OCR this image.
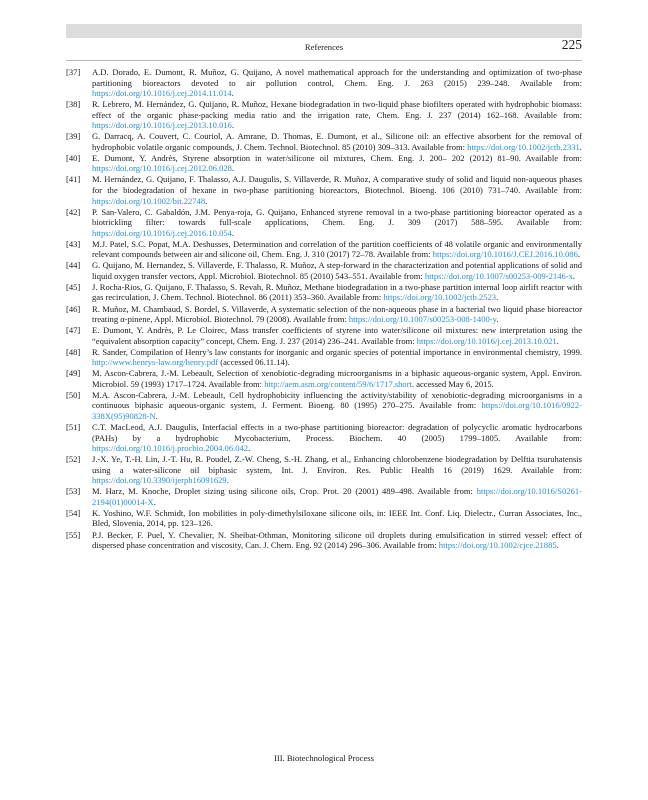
References	225
[37] A.D. Dorado, E. Dumont, R. Muñoz, G. Quijano, A novel mathematical approach for the understanding and optimization of two-phase partitioning bioreactors devoted to air pollution control, Chem. Eng. J. 263 (2015) 239–248. Available from: https://doi.org/10.1016/j.cej.2014.11.014.
[38] R. Lebrero, M. Hernández, G. Quijano, R. Muñoz, Hexane biodegradation in two-liquid phase biofilters operated with hydrophobic biomass: effect of the organic phase-packing media ratio and the irrigation rate, Chem. Eng. J. 237 (2014) 162–168. Available from: https://doi.org/10.1016/j.cej.2013.10.016.
[39] G. Darracq, A. Couvert, C. Couriol, A. Amrane, D. Thomas, E. Dumont, et al., Silicone oil: an effective absorbent for the removal of hydrophobic volatile organic compounds, J. Chem. Technol. Biotechnol. 85 (2010) 309–313. Available from: https://doi.org/10.1002/jctb.2331.
[40] E. Dumont, Y. Andrès, Styrene absorption in water/silicone oil mixtures, Chem. Eng. J. 200– 202 (2012) 81–90. Available from: https://doi.org/10.1016/j.cej.2012.06.028.
[41] M. Hernández, G. Quijano, F. Thalasso, A.J. Daugulis, S. Villaverde, R. Muñoz, A comparative study of solid and liquid non-aqueous phases for the biodegradation of hexane in two-phase partitioning bioreactors, Biotechnol. Bioeng. 106 (2010) 731–740. Available from: https://doi.org/10.1002/bit.22748.
[42] P. San-Valero, C. Gabaldón, J.M. Penya-roja, G. Quijano, Enhanced styrene removal in a two-phase partitioning bioreactor operated as a biotrickling filter: towards full-scale applications, Chem. Eng. J. 309 (2017) 588–595. Available from: https://doi.org/10.1016/j.cej.2016.10.054.
[43] M.J. Patel, S.C. Popat, M.A. Deshusses, Determination and correlation of the partition coefficients of 48 volatile organic and environmentally relevant compounds between air and silicone oil, Chem. Eng. J. 310 (2017) 72–78. Available from: https://doi.org/10.1016/J.CEJ.2016.10.086.
[44] G. Quijano, M. Hernandez, S. Villaverde, F. Thalasso, R. Muñoz, A step-forward in the characterization and potential applications of solid and liquid oxygen transfer vectors, Appl. Microbiol. Biotechnol. 85 (2010) 543–551. Available from: https://doi.org/10.1007/s00253-009-2146-x.
[45] J. Rocha-Rios, G. Quijano, F. Thalasso, S. Revah, R. Muñoz, Methane biodegradation in a two-phase partition internal loop airlift reactor with gas recirculation, J. Chem. Technol. Biotechnol. 86 (2011) 353–360. Available from: https://doi.org/10.1002/jctb.2523.
[46] R. Muñoz, M. Chambaud, S. Bordel, S. Villaverde, A systematic selection of the non-aqueous phase in a bacterial two liquid phase bioreactor treating α-pinene, Appl. Microbiol. Biotechnol. 79 (2008). Available from: https://doi.org/10.1007/s00253-008-1400-y.
[47] E. Dumont, Y. Andrès, P. Le Cloirec, Mass transfer coefficients of styrene into water/silicone oil mixtures: new interpretation using the “equivalent absorption capacity” concept, Chem. Eng. J. 237 (2014) 236–241. Available from: https://doi.org/10.1016/j.cej.2013.10.021.
[48] R. Sander, Compilation of Henry’s law constants for inorganic and organic species of potential importance in environmental chemistry, 1999. http://www.henrys-law.org/henry.pdf (accessed 06.11.14).
[49] M. Ascon-Cabrera, J.-M. Lebeault, Selection of xenobiotic-degrading microorganisms in a biphasic aqueous-organic system, Appl. Environ. Microbiol. 59 (1993) 1717–1724. Available from: http://aem.asm.org/content/59/6/1717.short. accessed May 6, 2015.
[50] M.A. Ascon-Cabrera, J.-M. Lebeault, Cell hydrophobicity influencing the activity/stability of xenobiotic-degrading microorganisms in a continuous biphasic aqueous-organic system, J. Ferment. Bioeng. 80 (1995) 270–275. Available from: https://doi.org/10.1016/0922-338X(95)90828-N.
[51] C.T. MacLeod, A.J. Daugulis, Interfacial effects in a two-phase partitioning bioreactor: degradation of polycyclic aromatic hydrocarbons (PAHs) by a hydrophobic Mycobacterium, Process. Biochem. 40 (2005) 1799–1805. Available from: https://doi.org/10.1016/j.procbio.2004.06.042.
[52] J.-X. Ye, T.-H. Lin, J.-T. Hu, R. Poudel, Z.-W. Cheng, S.-H. Zhang, et al., Enhancing chlorobenzene biodegradation by Delftia tsuruhatensis using a water-silicone oil biphasic system, Int. J. Environ. Res. Public Health 16 (2019) 1629. Available from: https://doi.org/10.3390/ijerph16091629.
[53] M. Harz, M. Knoche, Droplet sizing using silicone oils, Crop. Prot. 20 (2001) 489–498. Available from: https://doi.org/10.1016/S0261-2194(01)00014-X.
[54] K. Yoshino, W.F. Schmidt, Ion mobilities in poly-dimethylsiloxane silicone oils, in: IEEE Int. Conf. Liq. Dielectr., Curran Associates, Inc., Bled, Slovenia, 2014, pp. 123–126.
[55] P.J. Becker, F. Puel, Y. Chevalier, N. Sheibat-Othman, Monitoring silicone oil droplets during emulsification in stirred vessel: effect of dispersed phase concentration and viscosity, Can. J. Chem. Eng. 92 (2014) 296–306. Available from: https://doi.org/10.1002/cjce.21885.
III. Biotechnological Process
